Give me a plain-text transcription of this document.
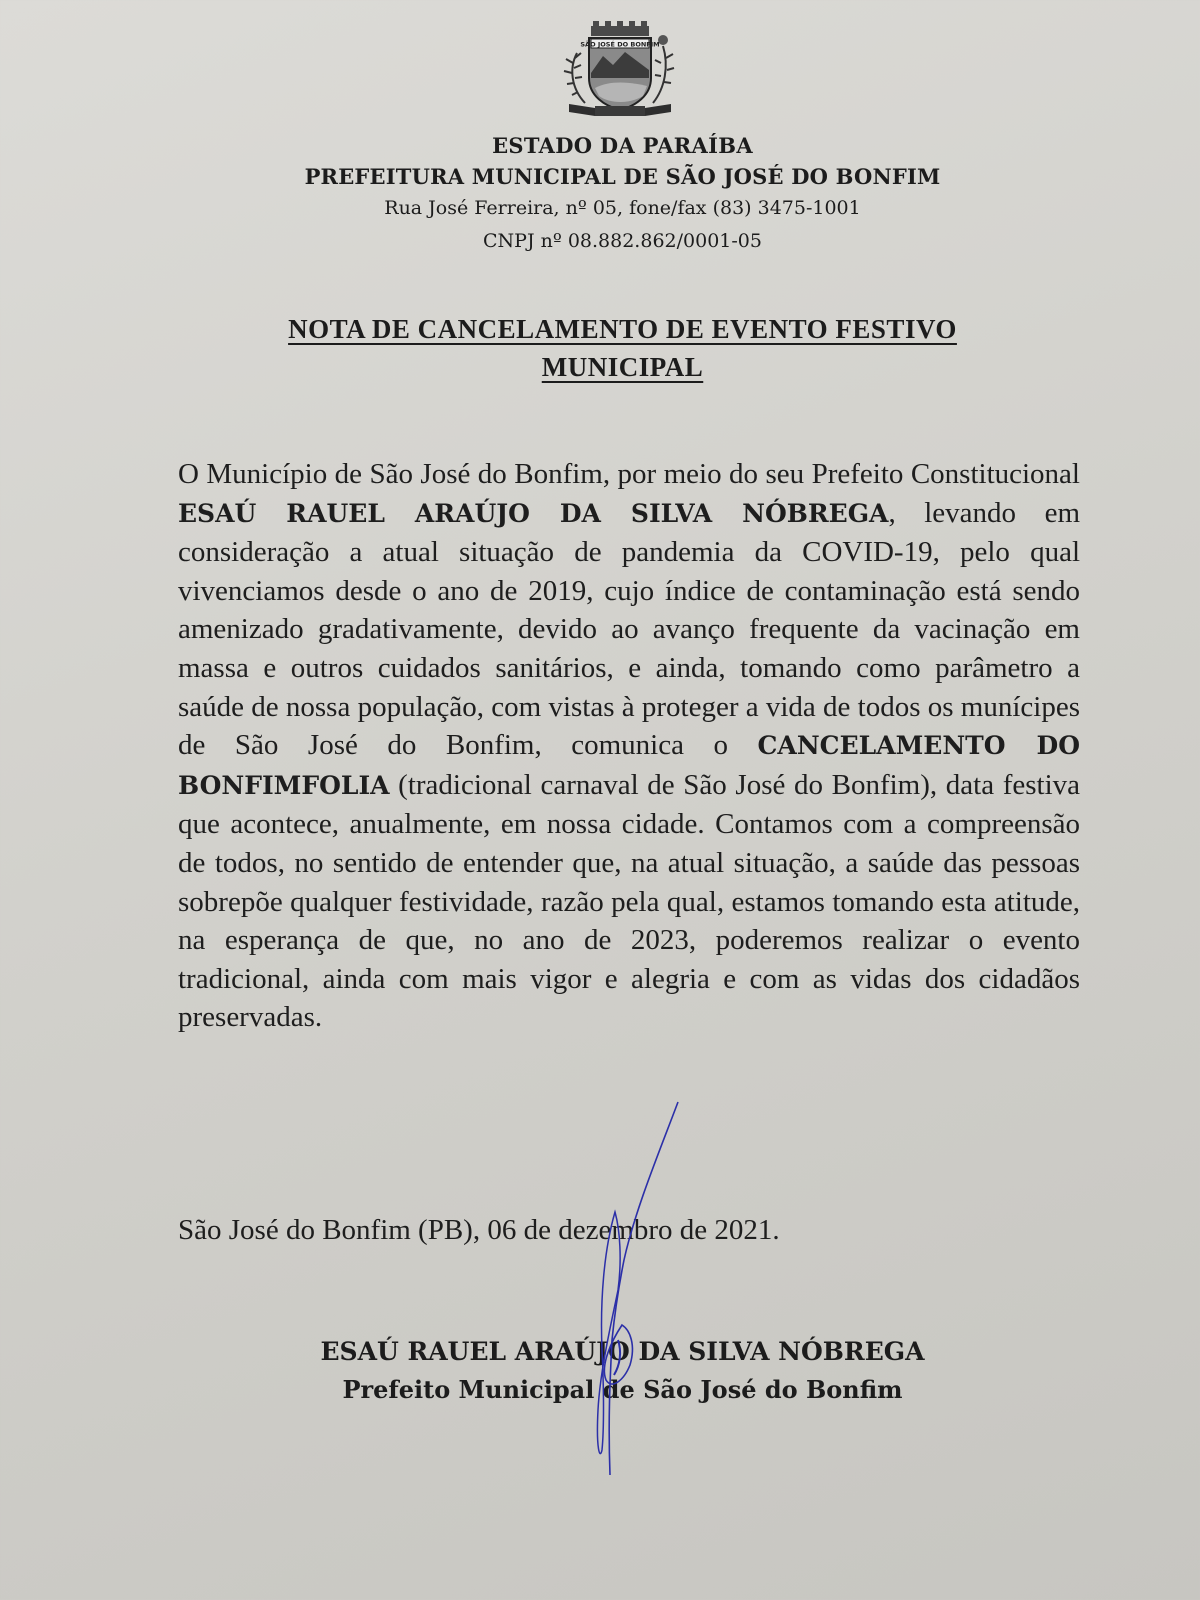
SÃO JOSÉ DO BONFIM
ESTADO DA PARAÍBA
PREFEITURA MUNICIPAL DE SÃO JOSÉ DO BONFIM
Rua José Ferreira, nº 05, fone/fax (83) 3475-1001
CNPJ nº 08.882.862/0001-05
NOTA DE CANCELAMENTO DE EVENTO FESTIVO
MUNICIPAL
O Município de São José do Bonfim, por meio do seu Prefeito Constitucional ESAÚ RAUEL ARAÚJO DA SILVA NÓBREGA, levando em consideração a atual situação de pandemia da COVID-19, pelo qual vivenciamos desde o ano de 2019, cujo índice de contaminação está sendo amenizado gradativamente, devido ao avanço frequente da vacinação em massa e outros cuidados sanitários, e ainda, tomando como parâmetro a saúde de nossa população, com vistas à proteger a vida de todos os munícipes de São José do Bonfim, comunica o CANCELAMENTO DO BONFIMFOLIA (tradicional carnaval de São José do Bonfim), data festiva que acontece, anualmente, em nossa cidade. Contamos com a compreensão de todos, no sentido de entender que, na atual situação, a saúde das pessoas sobrepõe qualquer festividade, razão pela qual, estamos tomando esta atitude, na esperança de que, no ano de 2023, poderemos realizar o evento tradicional, ainda com mais vigor e alegria e com as vidas dos cidadãos preservadas.
São José do Bonfim (PB), 06 de dezembro de 2021.
ESAÚ RAUEL ARAÚJO DA SILVA NÓBREGA
Prefeito Municipal de São José do Bonfim
